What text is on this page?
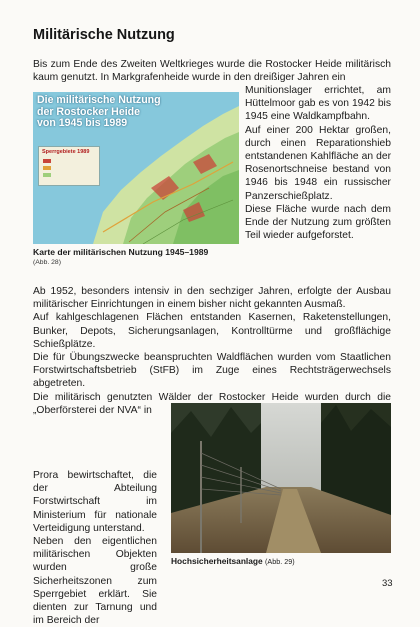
Militärische Nutzung

Bis zum Ende des Zweiten Weltkrieges wurde die Rostocker Heide militärisch kaum genutzt. In Markgrafenheide wurde in den dreißiger Jahren ein

Die militärische Nutzung
der Rostocker Heide
von 1945 bis 1989
Sperrgebiete 1989
Karte der militärischen Nutzung 1945–1989
(Abb. 28)

Munitionslager errichtet, am Hüttelmoor gab es von 1942 bis 1945 eine Waldkampfbahn.

Auf einer 200 Hektar großen, durch einen Reparationshieb entstandenen Kahlfläche an der Rosenortschneise bestand von 1946 bis 1948 ein russischer Panzerschießplatz.

Diese Fläche wurde nach dem Ende der Nutzung zum größten Teil wieder aufgeforstet.

Ab 1952, besonders intensiv in den sechziger Jahren, erfolgte der Ausbau militärischer Einrichtungen in einem bisher nicht gekannten Ausmaß.
Auf kahlgeschlagenen Flächen entstanden Kasernen, Raketenstellungen, Bunker, Depots, Sicherungsanlagen, Kontrolltürme und großflächige Schießplätze.
Die für Übungszwecke beanspruchten Waldflächen wurden vom Staatlichen Forstwirtschaftsbetrieb (StFB) im Zuge eines Rechtsträgerwechsels abgetreten.
Die militärisch genutzten Wälder der Rostocker Heide wurden durch die „Oberförsterei der NVA“ in

Prora bewirtschaftet, die der Abteilung Forstwirtschaft im Ministerium für nationale Verteidigung unterstand.

Neben den eigentlichen militärischen Objekten wurden große Sicherheitszonen zum Sperrgebiet erklärt. Sie dienten zur Tarnung und im Bereich der

Hochsicherheitsanlage (Abb. 29)
33
